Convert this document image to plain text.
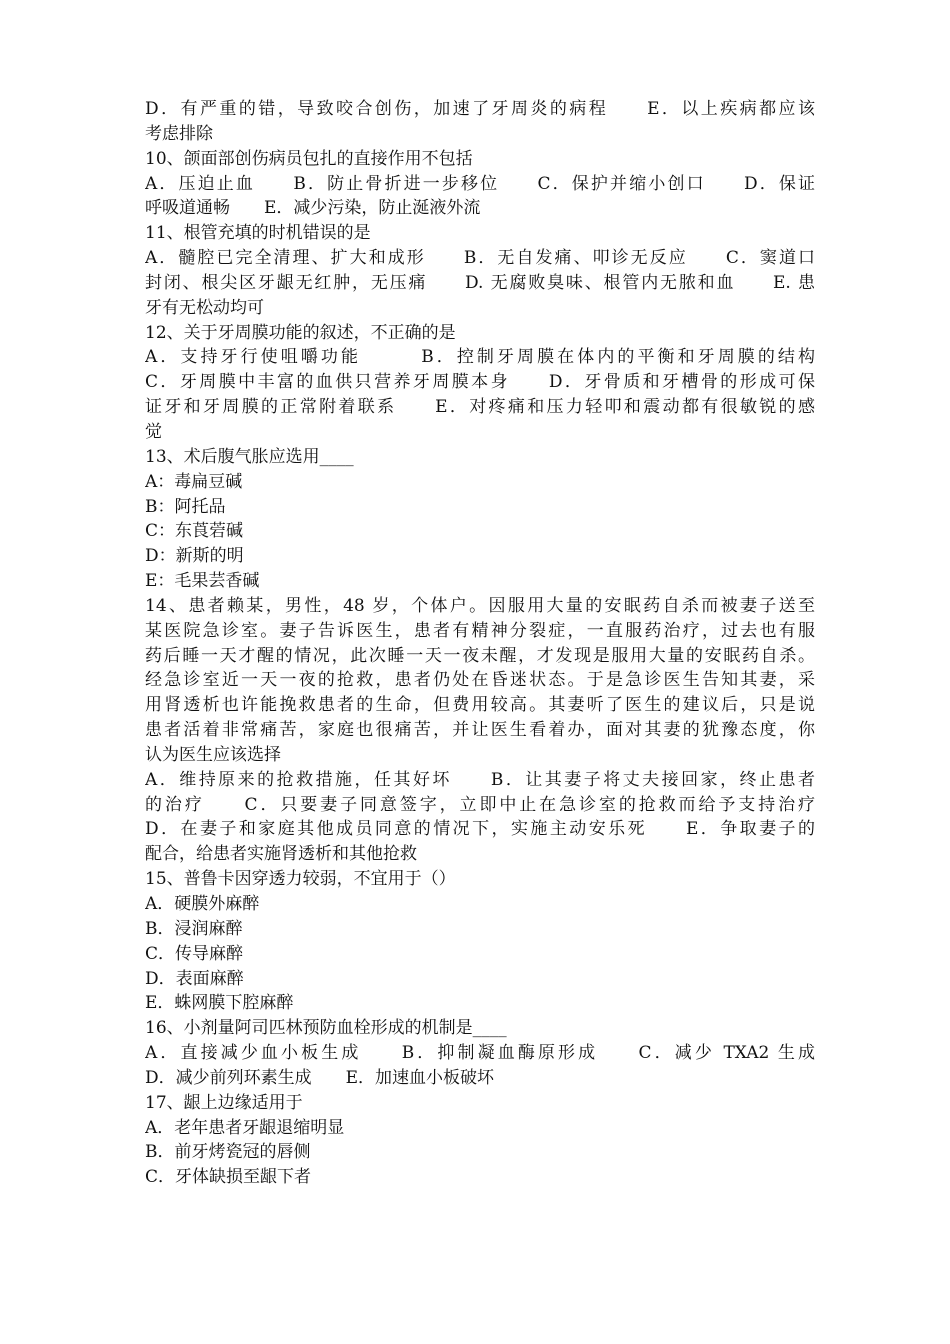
D．有严重的错，导致咬合创伤，加速了牙周炎的病程　　E．以上疾病都应该
考虑排除
10、颌面部创伤病员包扎的直接作用不包括
A．压迫止血　　B．防止骨折进一步移位　　C．保护并缩小创口　　D．保证
呼吸道通畅　　E．减少污染，防止涎液外流
11、根管充填的时机错误的是
A．髓腔已完全清理、扩大和成形　　B．无自发痛、叩诊无反应　　C．窦道口
封闭、根尖区牙龈无红肿，无压痛　　D. 无腐败臭味、根管内无脓和血　　E. 患
牙有无松动均可
12、关于牙周膜功能的叙述，不正确的是
A．支持牙行使咀嚼功能　　　B．控制牙周膜在体内的平衡和牙周膜的结构
C．牙周膜中丰富的血供只营养牙周膜本身　　D．牙骨质和牙槽骨的形成可保
证牙和牙周膜的正常附着联系　　E．对疼痛和压力轻叩和震动都有很敏锐的感
觉
13、术后腹气胀应选用____
A：毒扁豆碱
B：阿托品
C：东莨菪碱
D：新斯的明
E：毛果芸香碱
14、患者赖某，男性，48 岁，个体户。因服用大量的安眠药自杀而被妻子送至
某医院急诊室。妻子告诉医生，患者有精神分裂症，一直服药治疗，过去也有服
药后睡一天才醒的情况，此次睡一天一夜未醒，才发现是服用大量的安眠药自杀。
经急诊室近一天一夜的抢救，患者仍处在昏迷状态。于是急诊医生告知其妻，采
用肾透析也许能挽救患者的生命，但费用较高。其妻听了医生的建议后，只是说
患者活着非常痛苦，家庭也很痛苦，并让医生看着办，面对其妻的犹豫态度，你
认为医生应该选择
A．维持原来的抢救措施，任其好坏　　B．让其妻子将丈夫接回家，终止患者
的治疗　　C．只要妻子同意签字，立即中止在急诊室的抢救而给予支持治疗
D．在妻子和家庭其他成员同意的情况下，实施主动安乐死　　E．争取妻子的
配合，给患者实施肾透析和其他抢救
15、普鲁卡因穿透力较弱，不宜用于（）
A．硬膜外麻醉
B．浸润麻醉
C．传导麻醉
D．表面麻醉
E．蛛网膜下腔麻醉
16、小剂量阿司匹林预防血栓形成的机制是____
A．直接减少血小板生成　　B．抑制凝血酶原形成　　C．减少 TXA2 生成
D．减少前列环素生成　　E．加速血小板破坏
17、龈上边缘适用于
A．老年患者牙龈退缩明显
B．前牙烤瓷冠的唇侧
C．牙体缺损至龈下者
